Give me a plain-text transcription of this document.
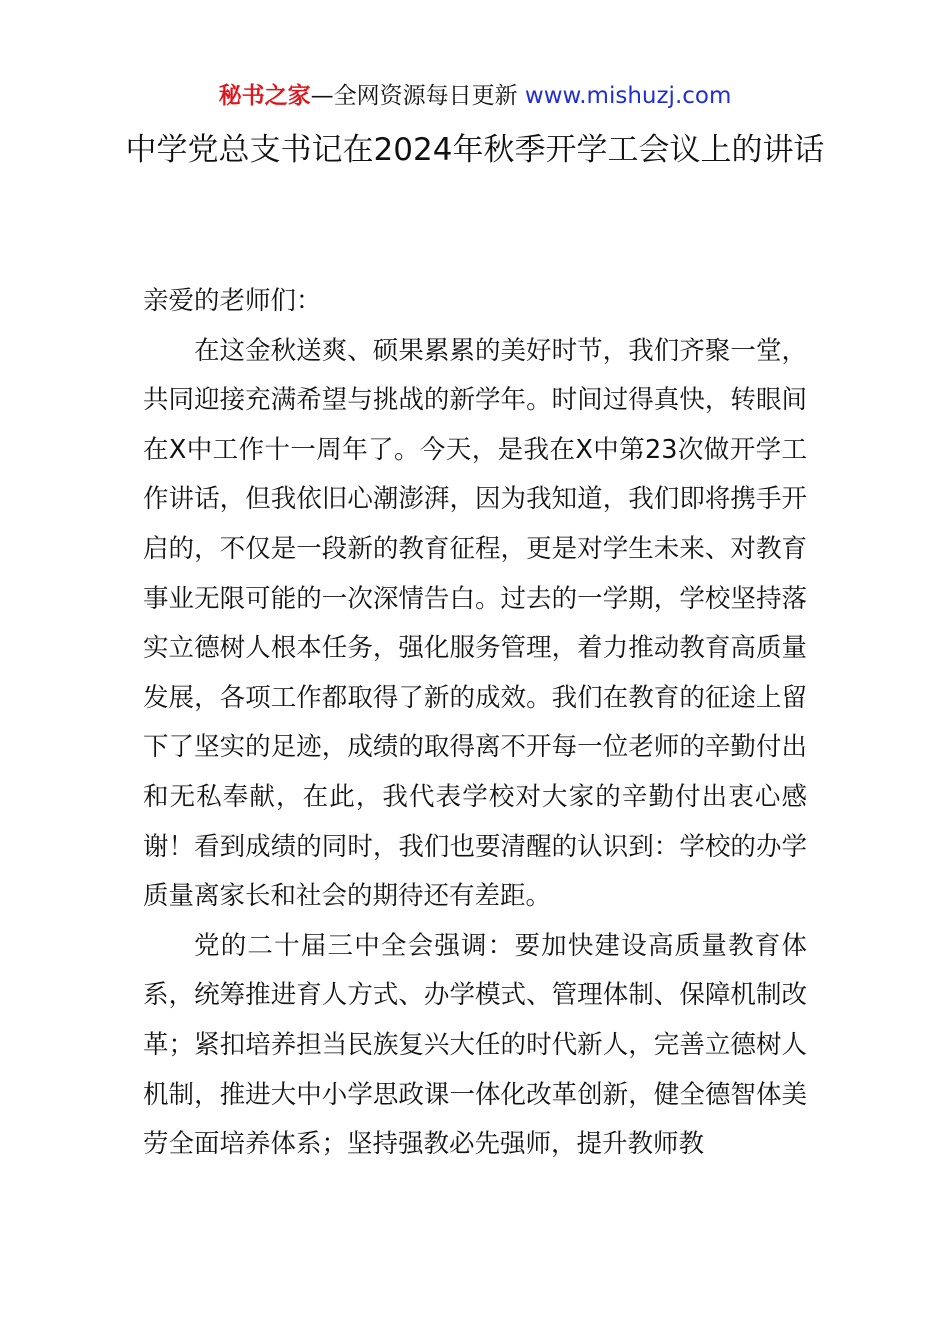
秘书之家—全网资源每日更新 www.mishuzj.com
中学党总支书记在2024年秋季开学工会议上的讲话

亲爱的老师们：

在这金秋送爽、硕果累累的美好时节，我们齐聚一堂，共同迎接充满希望与挑战的新学年。时间过得真快，转眼间在X中工作十一周年了。今天，是我在X中第23次做开学工作讲话，但我依旧心潮澎湃，因为我知道，我们即将携手开启的，不仅是一段新的教育征程，更是对学生未来、对教育事业无限可能的一次深情告白。过去的一学期，学校坚持落实立德树人根本任务，强化服务管理，着力推动教育高质量发展，各项工作都取得了新的成效。我们在教育的征途上留下了坚实的足迹，成绩的取得离不开每一位老师的辛勤付出和无私奉献，在此，我代表学校对大家的辛勤付出衷心感谢！看到成绩的同时，我们也要清醒的认识到：学校的办学质量离家长和社会的期待还有差距。

党的二十届三中全会强调：要加快建设高质量教育体系，统筹推进育人方式、办学模式、管理体制、保障机制改革；紧扣培养担当民族复兴大任的时代新人，完善立德树人机制，推进大中小学思政课一体化改革创新，健全德智体美劳全面培养体系；坚持强教必先强师，提升教师教
